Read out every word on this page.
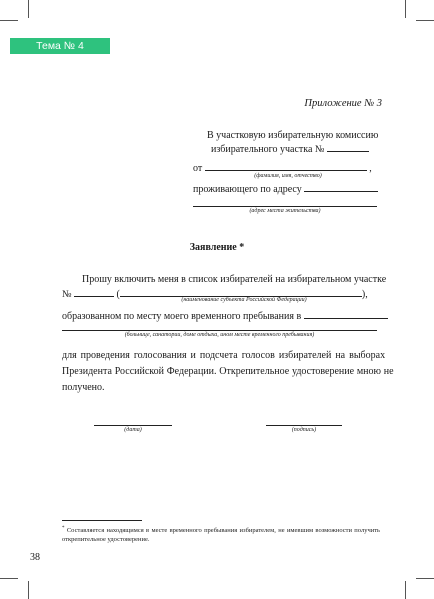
Тема № 4
Приложение № 3
В участковую избирательную комиссию
избирательного участка №
от	,
(фамилия, имя, отчество)
проживающего по адресу
(адрес места жительства)
Заявление *
Прошу включить меня в список избирателей на избирательном участке
№	(	),
(наименование субъекта Российской Федерации)
образованном по месту моего временного пребывания в
(больнице, санатории, доме отдыха, ином месте временного пребывания)
для проведения голосования и подсчета голосов избирателей на выборах
Президента Российской Федерации. Открепительное удостоверение мною не
получено.
(дата)	(подпись)
* Составляется находящимся в месте временного пребывания избирателем, не имевшим возможности получить открепительное удостоверение.
38
